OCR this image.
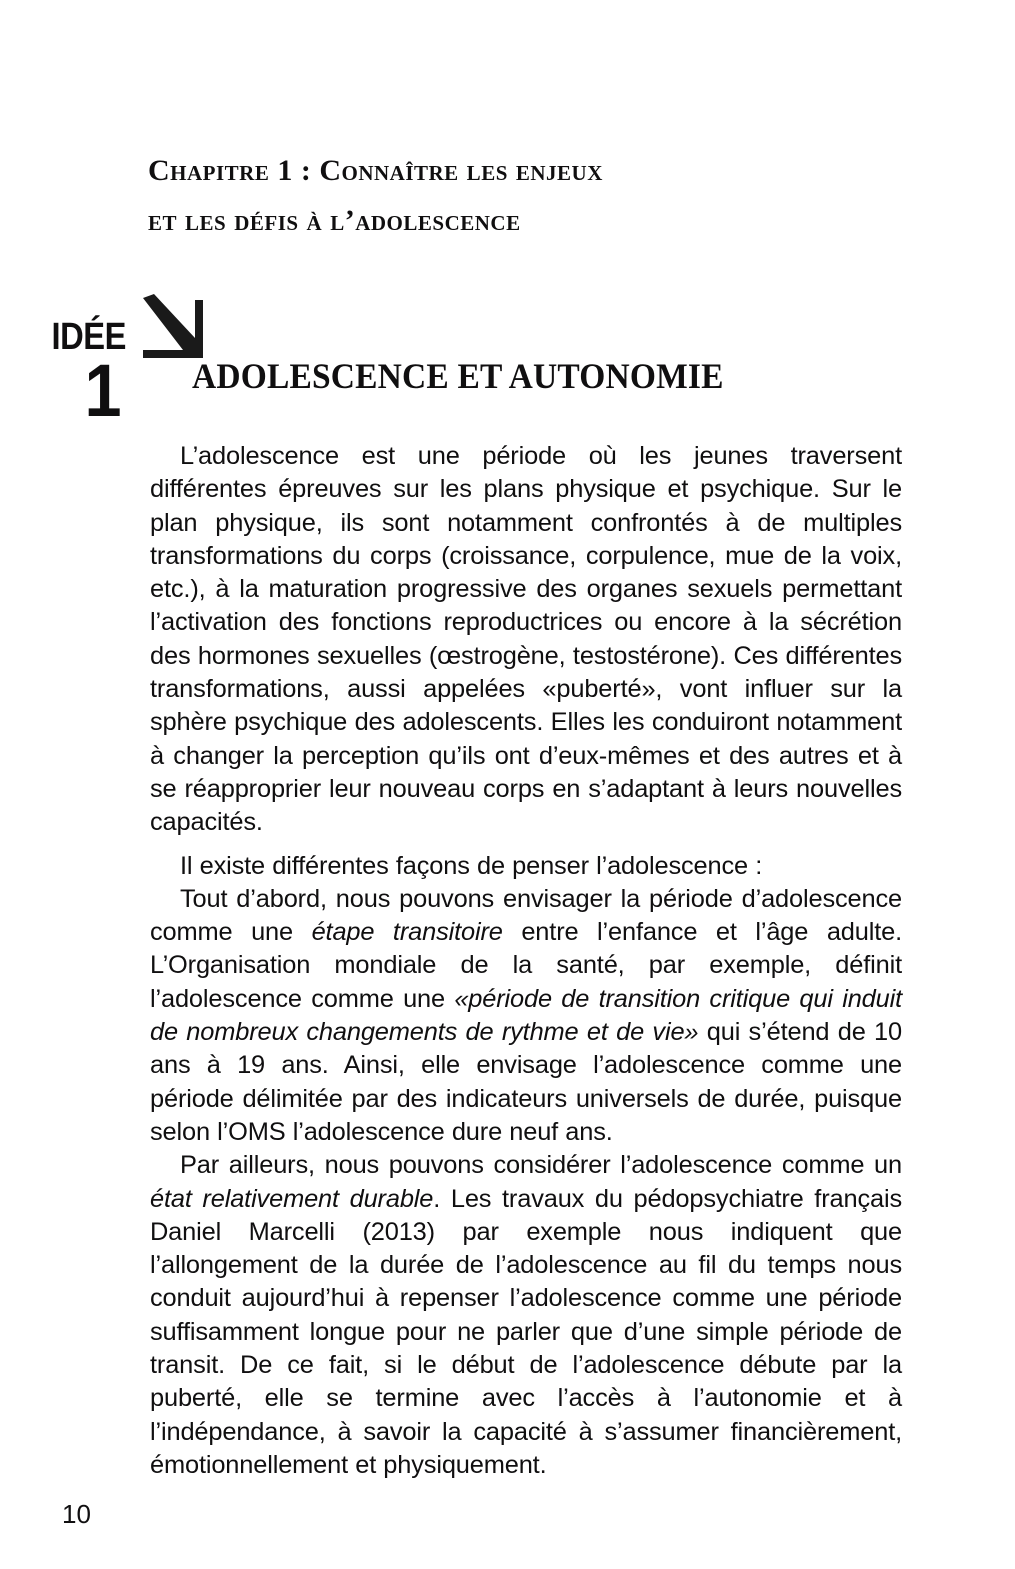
Chapitre 1 : Connaître les enjeux
et les défis à l’adolescence
IDÉE
1	ADOLESCENCE ET AUTONOMIE

L’adolescence est une période où les jeunes traversent différentes épreuves sur les plans physique et psychique. Sur le plan physique, ils sont notamment confrontés à de multiples transformations du corps (croissance, corpulence, mue de la voix, etc.), à la maturation progressive des organes sexuels permettant l’activation des fonctions reproductrices ou encore à la sécrétion des hormones sexuelles (œstrogène, testostérone). Ces différentes transformations, aussi appelées «puberté», vont influer sur la sphère psychique des adolescents. Elles les conduiront notamment à changer la perception qu’ils ont d’eux-mêmes et des autres et à se réapproprier leur nouveau corps en s’adaptant à leurs nouvelles capacités.

Il existe différentes façons de penser l’adolescence :

Tout d’abord, nous pouvons envisager la période d’adolescence comme une étape transitoire entre l’enfance et l’âge adulte. L’Organisation mondiale de la santé, par exemple, définit l’adolescence comme une «période de transition critique qui induit de nombreux changements de rythme et de vie» qui s’étend de 10 ans à 19 ans. Ainsi, elle envisage l’adolescence comme une période délimitée par des indicateurs universels de durée, puisque selon l’OMS l’adolescence dure neuf ans.

Par ailleurs, nous pouvons considérer l’adolescence comme un état relativement durable. Les travaux du pédopsychiatre français Daniel Marcelli (2013) par exemple nous indiquent que l’allongement de la durée de l’adolescence au fil du temps nous conduit aujourd’hui à repenser l’adolescence comme une période suffisamment longue pour ne parler que d’une simple période de transit. De ce fait, si le début de l’adolescence débute par la puberté, elle se termine avec l’accès à l’autonomie et à l’indépendance, à savoir la capacité à s’assumer financièrement, émotionnellement et physiquement.

10
